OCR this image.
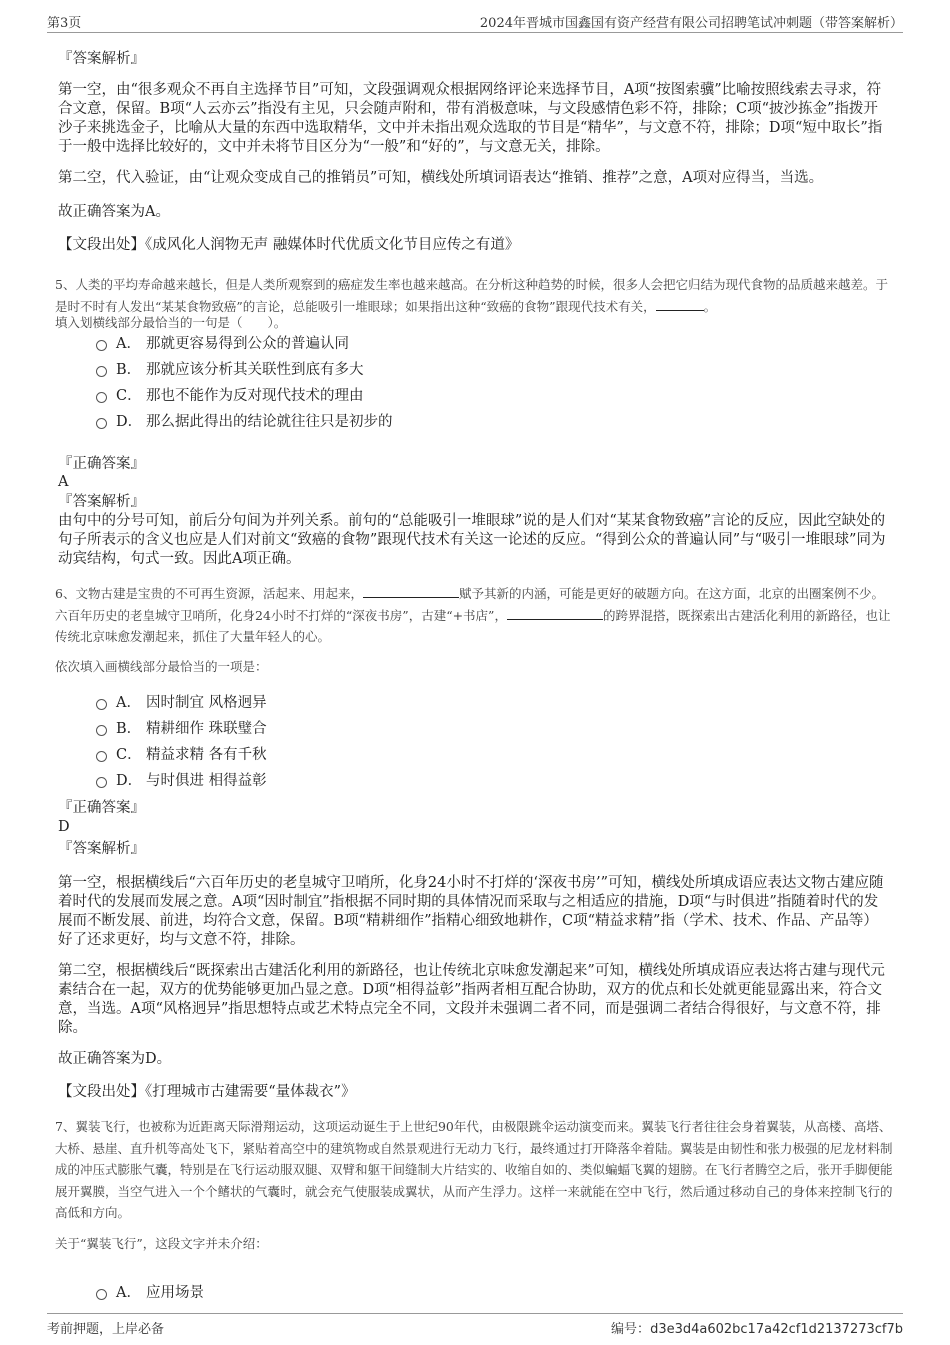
第3页	2024年晋城市国鑫国有资产经营有限公司招聘笔试冲刺题（带答案解析）
『答案解析』

第一空，由“很多观众不再自主选择节目”可知，文段强调观众根据网络评论来选择节目，A项“按图索骥”比喻按照线索去寻求，符合文意，保留。B项“人云亦云”指没有主见，只会随声附和，带有消极意味，与文段感情色彩不符，排除；C项“披沙拣金”指拨开沙子来挑选金子，比喻从大量的东西中选取精华，文中并未指出观众选取的节目是“精华”，与文意不符，排除；D项“短中取长”指于一般中选择比较好的，文中并未将节目区分为“一般”和“好的”，与文意无关，排除。

第二空，代入验证，由“让观众变成自己的推销员”可知，横线处所填词语表达“推销、推荐”之意，A项对应得当，当选。

故正确答案为A。

【文段出处】《成风化人润物无声 融媒体时代优质文化节目应传之有道》

5、人类的平均寿命越来越长，但是人类所观察到的癌症发生率也越来越高。在分析这种趋势的时候，很多人会把它归结为现代食物的品质越来越差。于是时不时有人发出“某某食物致癌”的言论，总能吸引一堆眼球；如果指出这种“致癌的食物”跟现代技术有关，	。

填入划横线部分最恰当的一句是（　　）。

A． 那就更容易得到公众的普遍认同
B． 那就应该分析其关联性到底有多大
C． 那也不能作为反对现代技术的理由
D． 那么据此得出的结论就往往只是初步的
『正确答案』
A
『答案解析』

由句中的分号可知，前后分句间为并列关系。前句的“总能吸引一堆眼球”说的是人们对“某某食物致癌”言论的反应，因此空缺处的句子所表示的含义也应是人们对前文“致癌的食物”跟现代技术有关这一论述的反应。“得到公众的普遍认同”与“吸引一堆眼球”同为动宾结构，句式一致。因此A项正确。

6、文物古建是宝贵的不可再生资源，活起来、用起来，	赋予其新的内涵，可能是更好的破题方向。在这方面，北京的出圈案例不少。六百年历史的老皇城守卫哨所，化身24小时不打烊的“深夜书房”，古建“+书店”，	的跨界混搭，既探索出古建活化利用的新路径，也让传统北京味愈发潮起来，抓住了大量年轻人的心。

依次填入画横线部分最恰当的一项是：

A． 因时制宜 风格迥异
B． 精耕细作 珠联璧合
C． 精益求精 各有千秋
D． 与时俱进 相得益彰
『正确答案』
D
『答案解析』

第一空，根据横线后“六百年历史的老皇城守卫哨所，化身24小时不打烊的‘深夜书房’”可知，横线处所填成语应表达文物古建应随着时代的发展而发展之意。A项“因时制宜”指根据不同时期的具体情况而采取与之相适应的措施，D项“与时俱进”指随着时代的发展而不断发展、前进，均符合文意，保留。B项“精耕细作”指精心细致地耕作，C项“精益求精”指（学术、技术、作品、产品等）好了还求更好，均与文意不符，排除。

第二空，根据横线后“既探索出古建活化利用的新路径，也让传统北京味愈发潮起来”可知，横线处所填成语应表达将古建与现代元素结合在一起，双方的优势能够更加凸显之意。D项“相得益彰”指两者相互配合协助，双方的优点和长处就更能显露出来，符合文意，当选。A项“风格迥异”指思想特点或艺术特点完全不同，文段并未强调二者不同，而是强调二者结合得很好，与文意不符，排除。

故正确答案为D。

【文段出处】《打理城市古建需要“量体裁衣”》

7、翼装飞行，也被称为近距离天际滑翔运动，这项运动诞生于上世纪90年代，由极限跳伞运动演变而来。翼装飞行者往往会身着翼装，从高楼、高塔、大桥、悬崖、直升机等高处飞下，紧贴着高空中的建筑物或自然景观进行无动力飞行，最终通过打开降落伞着陆。翼装是由韧性和张力极强的尼龙材料制成的冲压式膨胀气囊，特别是在飞行运动服双腿、双臂和躯干间缝制大片结实的、收缩自如的、类似蝙蝠飞翼的翅膀。在飞行者腾空之后，张开手脚便能展开翼膜，当空气进入一个个鳍状的气囊时，就会充气使服装成翼状，从而产生浮力。这样一来就能在空中飞行，然后通过移动自己的身体来控制飞行的高低和方向。

关于“翼装飞行”，这段文字并未介绍：

A． 应用场景
考前押题，上岸必备	编号：d3e3d4a602bc17a42cf1d2137273cf7b
